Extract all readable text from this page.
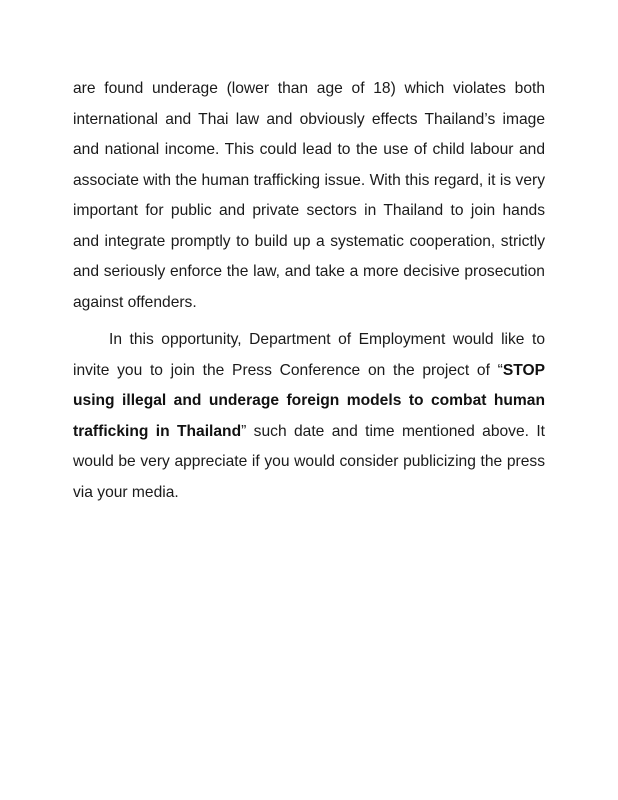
are found underage (lower than age of 18) which violates both international and Thai law and obviously effects Thailand’s image and national income. This could lead to the use of child labour and associate with the human trafficking issue. With this regard, it is very important for public and private sectors in Thailand to join hands and integrate promptly to build up a systematic cooperation, strictly and seriously enforce the law, and take a more decisive prosecution against offenders.

In this opportunity, Department of Employment would like to invite you to join the Press Conference on the project of “STOP using illegal and underage foreign models to combat human trafficking in Thailand” such date and time mentioned above. It would be very appreciate if you would consider publicizing the press via your media.
